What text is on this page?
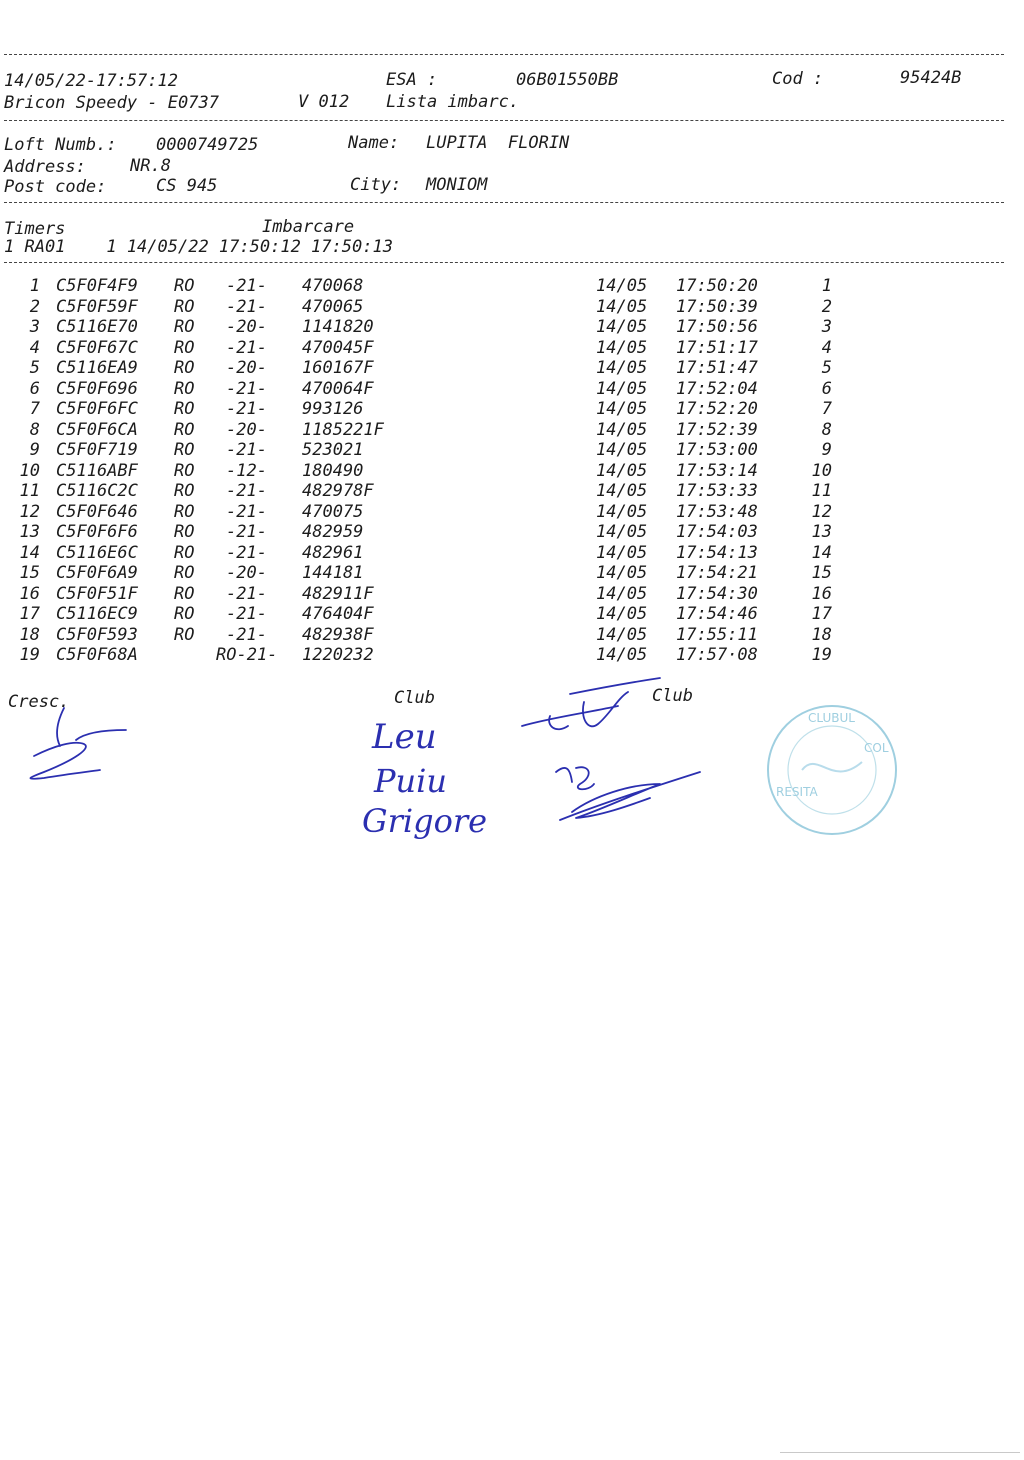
14/05/22-17:57:12	ESA :	06B01550BB	Cod :	95424B
Bricon Speedy - E0737	V 012 Lista imbarc.
Loft Numb.: 0000749725	Name: LUPITA  FLORIN
Address:	NR.8
Post code:	CS 945	City: MONIOM
Timers	Imbarcare
1 RA01    1 14/05/22 17:50:12 17:50:13
1 C5F0F4F9 RO -21- 470068	14/05 17:50:20	1
2 C5F0F59F RO -21- 470065	14/05 17:50:39	2
3 C5116E70 RO -20- 1141820	14/05 17:50:56	3
4 C5F0F67C RO -21- 470045F	14/05 17:51:17	4
5 C5116EA9 RO -20- 160167F	14/05 17:51:47	5
6 C5F0F696 RO -21- 470064F	14/05 17:52:04	6
7 C5F0F6FC RO -21- 993126	14/05 17:52:20	7
8 C5F0F6CA RO -20- 1185221F	14/05 17:52:39	8
9 C5F0F719 RO -21- 523021	14/05 17:53:00	9
10 C5116ABF RO -12- 180490	14/05 17:53:14	10
11 C5116C2C RO -21- 482978F	14/05 17:53:33	11
12 C5F0F646 RO -21- 470075	14/05 17:53:48	12
13 C5F0F6F6 RO -21- 482959	14/05 17:54:03	13
14 C5116E6C RO -21- 482961	14/05 17:54:13	14
15 C5F0F6A9 RO -20- 144181	14/05 17:54:21	15
16 C5F0F51F RO -21- 482911F	14/05 17:54:30	16
17 C5116EC9 RO -21- 476404F	14/05 17:54:46	17
18 C5F0F593 RO -21- 482938F	14/05 17:55:11	18
19 C5F0F68A	RO-21- 1220232	14/05 17:57·08	19
Cresc.	Club	Club
Leu
Puiu
Grigore
CLUBUL
COL
RESITA
